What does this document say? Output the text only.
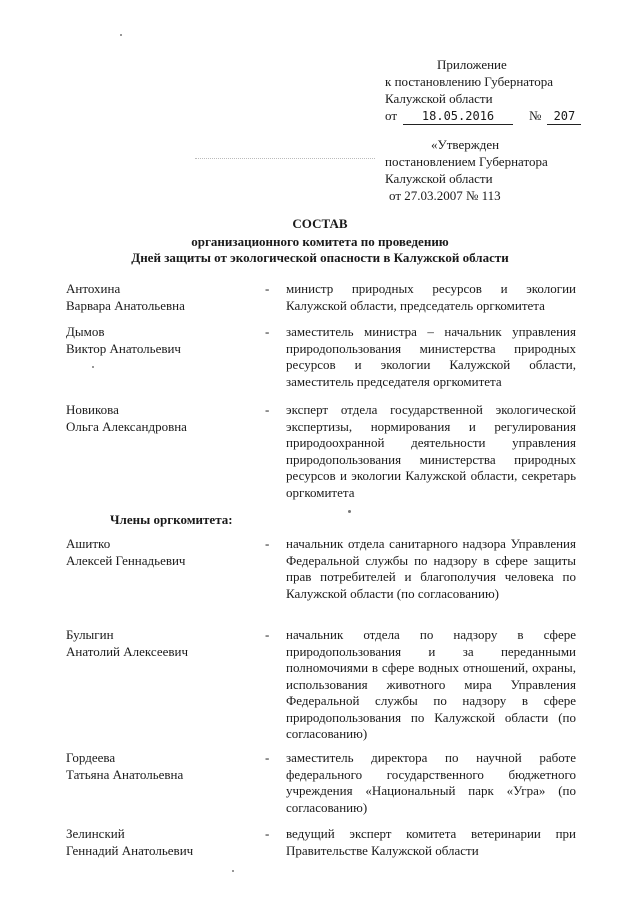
Приложение
к постановлению Губернатора
Калужской области
от 18.05.2016	№ 207
«Утвержден
постановлением Губернатора
Калужской области
от 27.03.2007 № 113
СОСТАВ
организационного комитета по проведению
Дней защиты от экологической опасности в Калужской области
Антохина
Варвара Анатольевна
- министр природных ресурсов и экологии Калужской области, председатель оргкомитета
Дымов
Виктор Анатольевич
- заместитель министра – начальник управления природопользования министерства природных ресурсов и экологии Калужской области, заместитель председателя оргкомитета
Новикова
Ольга Александровна
- эксперт отдела государственной экологической экспертизы, нормирования и регулирования природоохранной деятельности управления природопользования министерства природных ресурсов и экологии Калужской области, секретарь оргкомитета
Члены оргкомитета:
Ашитко
Алексей Геннадьевич
- начальник отдела санитарного надзора Управления Федеральной службы по надзору в сфере защиты прав потребителей и благополучия человека по Калужской области (по согласованию)
Булыгин
Анатолий Алексеевич
- начальник отдела по надзору в сфере природопользования и за переданными полномочиями в сфере водных отношений, охраны, использования животного мира Управления Федеральной службы по надзору в сфере природопользования по Калужской области (по согласованию)
Гордеева
Татьяна Анатольевна
- заместитель директора по научной работе федерального государственного бюджетного учреждения «Национальный парк «Угра» (по согласованию)
Зелинский
Геннадий Анатольевич
- ведущий эксперт комитета ветеринарии при Правительстве Калужской области
